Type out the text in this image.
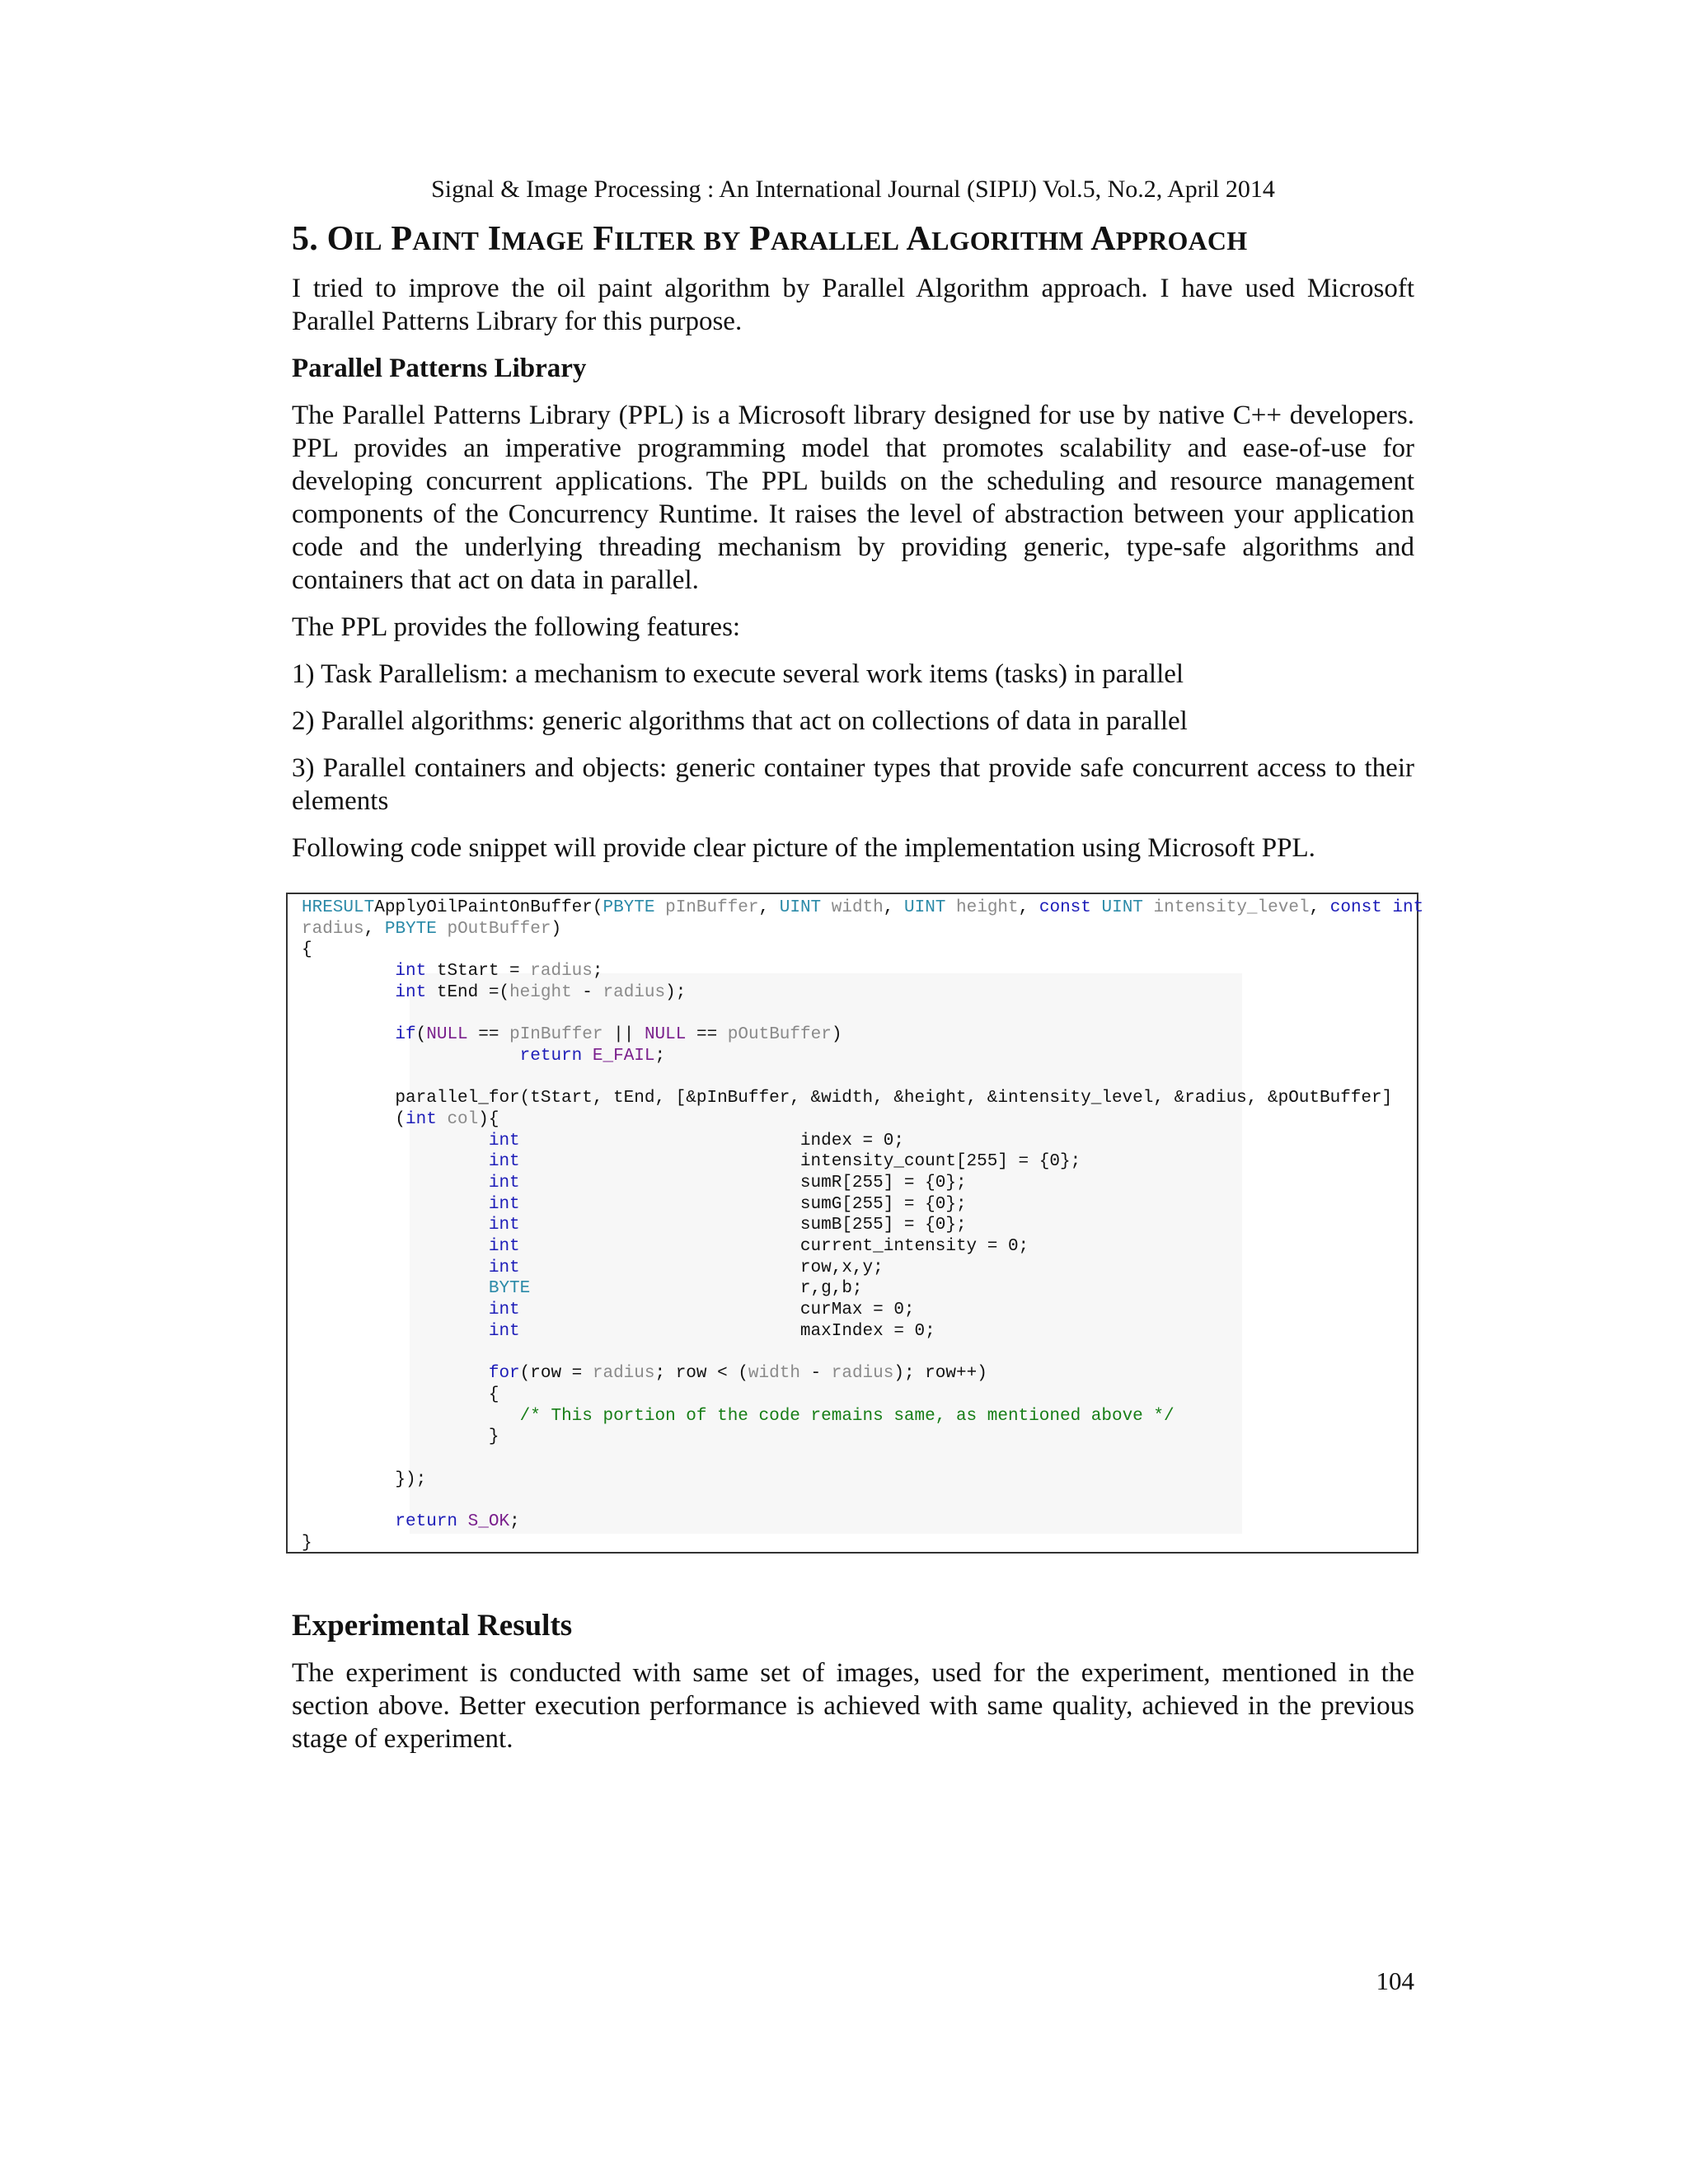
Signal & Image Processing : An International Journal (SIPIJ) Vol.5, No.2, April 2014
5. OIL PAINT IMAGE FILTER BY PARALLEL ALGORITHM APPROACH

I tried to improve the oil paint algorithm by Parallel Algorithm approach. I have used Microsoft Parallel Patterns Library for this purpose.

Parallel Patterns Library

The Parallel Patterns Library (PPL) is a Microsoft library designed for use by native C++ developers. PPL provides an imperative programming model that promotes scalability and ease-of-use for developing concurrent applications. The PPL builds on the scheduling and resource management components of the Concurrency Runtime. It raises the level of abstraction between your application code and the underlying threading mechanism by providing generic, type-safe algorithms and containers that act on data in parallel.

The PPL provides the following features:

1) Task Parallelism: a mechanism to execute several work items (tasks) in parallel

2) Parallel algorithms: generic algorithms that act on collections of data in parallel

3) Parallel containers and objects: generic container types that provide safe concurrent access to their elements

Following code snippet will provide clear picture of the implementation using Microsoft PPL.

HRESULTApplyOilPaintOnBuffer(PBYTE pInBuffer, UINT width, UINT height, const UINT intensity_level, const int
radius, PBYTE pOutBuffer)
{
int tStart = radius;
int tEnd =(height - radius);
if(NULL == pInBuffer || NULL == pOutBuffer)
return E_FAIL;
parallel_for(tStart, tEnd, [&pInBuffer, &width, &height, &intensity_level, &radius, &pOutBuffer]
(int col){
int                           index = 0;
int                           intensity_count[255] = {0};
int                           sumR[255] = {0};
int                           sumG[255] = {0};
int                           sumB[255] = {0};
int                           current_intensity = 0;
int                           row,x,y;
BYTE                          r,g,b;
int                           curMax = 0;
int                           maxIndex = 0;
for(row = radius; row < (width - radius); row++)
{
/* This portion of the code remains same, as mentioned above */
}
});
return S_OK;
}
Experimental Results

The experiment is conducted with same set of images, used for the experiment, mentioned in the section above. Better execution performance is achieved with same quality, achieved in the previous stage of experiment.

104
